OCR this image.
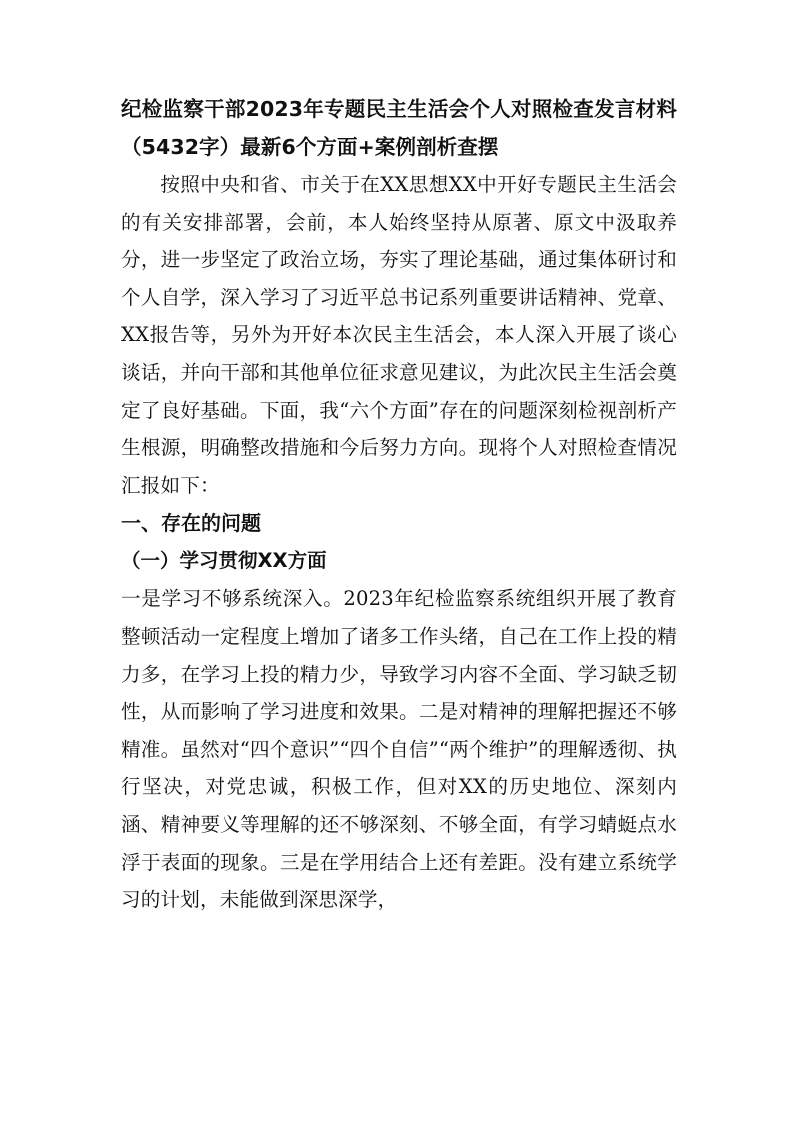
纪检监察干部2023年专题民主生活会个人对照检查发言材料（5432字）最新6个方面+案例剖析查摆

按照中央和省、市关于在XX思想XX中开好专题民主生活会的有关安排部署，会前，本人始终坚持从原著、原文中汲取养分，进一步坚定了政治立场，夯实了理论基础，通过集体研讨和个人自学，深入学习了习近平总书记系列重要讲话精神、党章、XX报告等，另外为开好本次民主生活会，本人深入开展了谈心谈话，并向干部和其他单位征求意见建议，为此次民主生活会奠定了良好基础。下面，我“六个方面”存在的问题深刻检视剖析产生根源，明确整改措施和今后努力方向。现将个人对照检查情况汇报如下：

一、存在的问题
（一）学习贯彻XX方面

一是学习不够系统深入。2023年纪检监察系统组织开展了教育整顿活动一定程度上增加了诸多工作头绪，自己在工作上投的精力多，在学习上投的精力少，导致学习内容不全面、学习缺乏韧性，从而影响了学习进度和效果。二是对精神的理解把握还不够精准。虽然对“四个意识”“四个自信”“两个维护”的理解透彻、执行坚决，对党忠诚，积极工作，但对XX的历史地位、深刻内涵、精神要义等理解的还不够深刻、不够全面，有学习蜻蜓点水浮于表面的现象。三是在学用结合上还有差距。没有建立系统学习的计划，未能做到深思深学，
